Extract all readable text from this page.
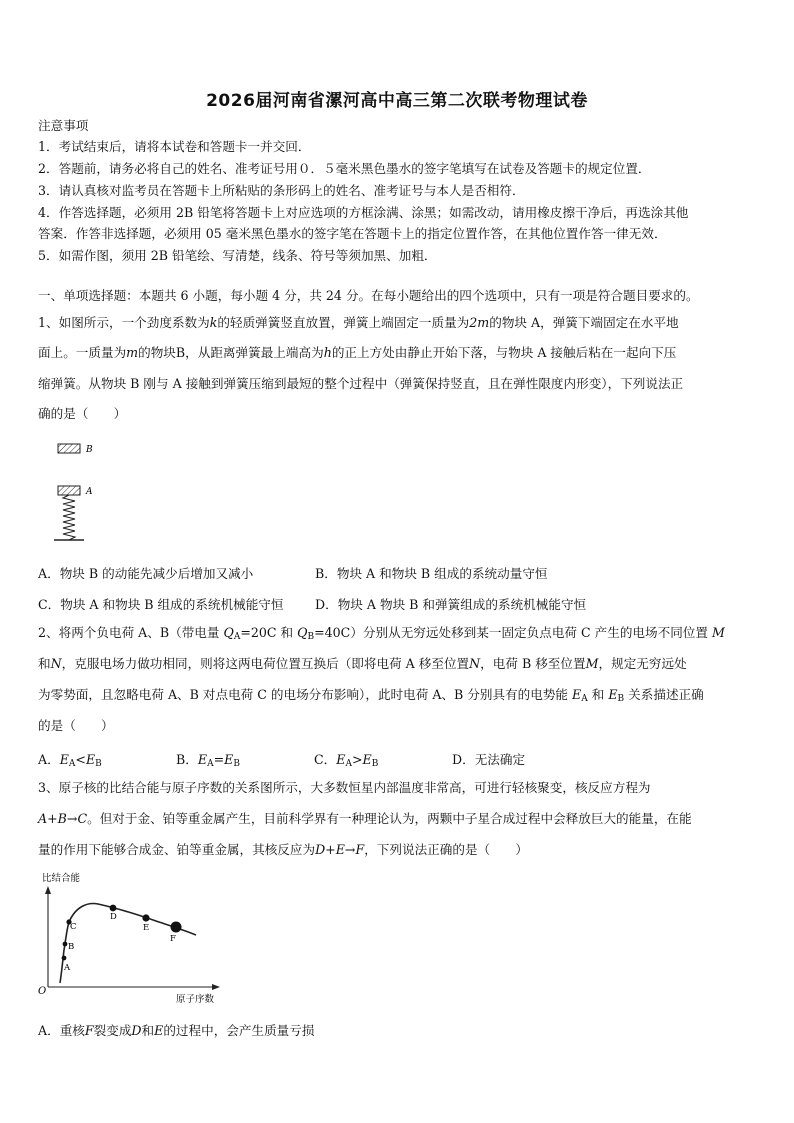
2026届河南省漯河高中高三第二次联考物理试卷
注意事项
1．考试结束后，请将本试卷和答题卡一并交回．
2．答题前，请务必将自己的姓名、准考证号用０．５毫米黑色墨水的签字笔填写在试卷及答题卡的规定位置．
3．请认真核对监考员在答题卡上所粘贴的条形码上的姓名、准考证号与本人是否相符．
4．作答选择题，必须用 2B 铅笔将答题卡上对应选项的方框涂满、涂黑；如需改动，请用橡皮擦干净后，再选涂其他
答案．作答非选择题，必须用 05 毫米黑色墨水的签字笔在答题卡上的指定位置作答，在其他位置作答一律无效．
5．如需作图，须用 2B 铅笔绘、写清楚，线条、符号等须加黑、加粗．
一、单项选择题：本题共 6 小题，每小题 4 分，共 24 分。在每小题给出的四个选项中，只有一项是符合题目要求的。
1、如图所示，一个劲度系数为k的轻质弹簧竖直放置，弹簧上端固定一质量为2m的物块 A，弹簧下端固定在水平地
面上。一质量为m的物块B，从距离弹簧最上端高为h的正上方处由静止开始下落，与物块 A 接触后粘在一起向下压
缩弹簧。从物块 B 刚与 A 接触到弹簧压缩到最短的整个过程中（弹簧保持竖直，且在弹性限度内形变），下列说法正
确的是（　　）
B
A
A．物块 B 的动能先减少后增加又减小	B．物块 A 和物块 B 组成的系统动量守恒
C．物块 A 和物块 B 组成的系统机械能守恒	D．物块 A 物块 B 和弹簧组成的系统机械能守恒
2、将两个负电荷 A、B（带电量 $Q_A=20C$ 和 $Q_B=40C$）分别从无穷远处移到某一固定负点电荷 C 产生的电场不同位置 M
和N，克服电场力做功相同，则将这两电荷位置互换后（即将电荷 A 移至位置N，电荷 B 移至位置M，规定无穷远处
为零势面，且忽略电荷 A、B 对点电荷 C 的电场分布影响），此时电荷 A、B 分别具有的电势能 $E_A$ 和 $E_B$ 关系描述正确
的是（　　）
A．$E_A<E_B$	B．$E_A=E_B$	C．$E_A>E_B$	D．无法确定
3、原子核的比结合能与原子序数的关系图所示，大多数恒星内部温度非常高，可进行轻核聚变，核反应方程为
A+B→C。但对于金、铂等重金属产生，目前科学界有一种理论认为，两颗中子星合成过程中会释放巨大的能量，在能
量的作用下能够合成金、铂等重金属，其核反应为D+E→F，下列说法正确的是（　　）
比结合能
O
原子序数
A
B
C
D
E
F
A．重核F裂变成D和E的过程中，会产生质量亏损
